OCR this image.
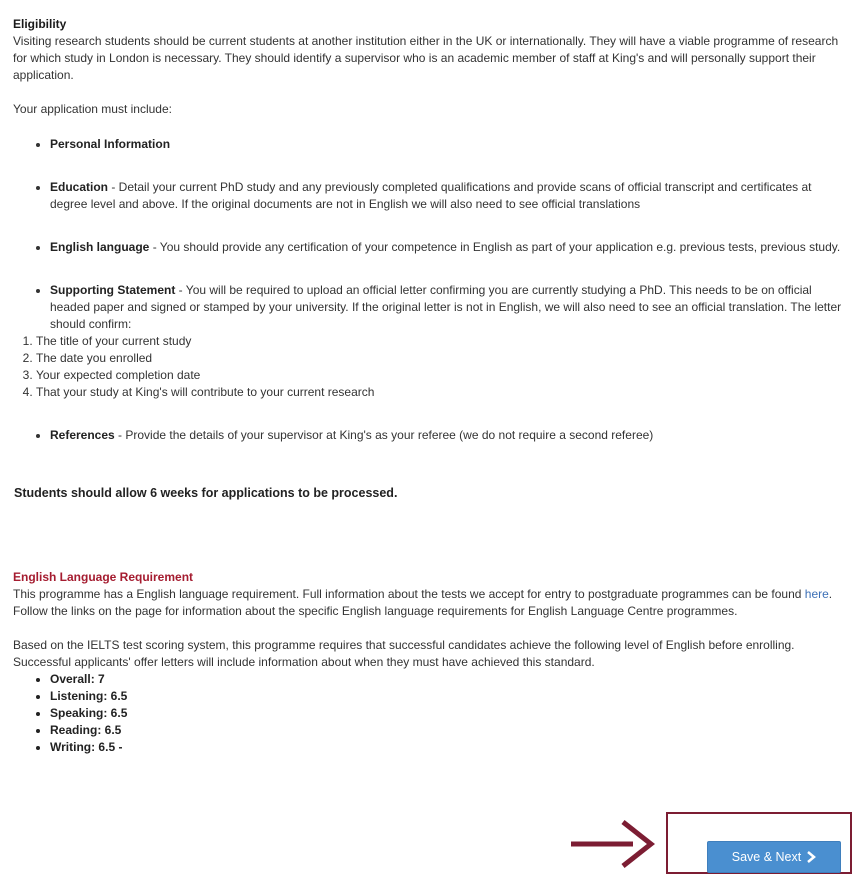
Eligibility

Visiting research students should be current students at another institution either in the UK or internationally. They will have a viable programme of research for which study in London is necessary. They should identify a supervisor who is an academic member of staff at King's and will personally support their application.

Your application must include:

• Personal Information
• Education - Detail your current PhD study and any previously completed qualifications and provide scans of official transcript and certificates at degree level and above. If the original documents are not in English we will also need to see official translations
• English language - You should provide any certification of your competence in English as part of your application e.g. previous tests, previous study.
• Supporting Statement - You will be required to upload an official letter confirming you are currently studying a PhD. This needs to be on official headed paper and signed or stamped by your university. If the original letter is not in English, we will also need to see an official translation. The letter should confirm:
1. The title of your current study
2. The date you enrolled
3. Your expected completion date
4. That your study at King's will contribute to your current research
• References - Provide the details of your supervisor at King's as your referee (we do not require a second referee)
Students should allow 6 weeks for applications to be processed.
English Language Requirement

This programme has a English language requirement. Full information about the tests we accept for entry to postgraduate programmes can be found here. Follow the links on the page for information about the specific English language requirements for English Language Centre programmes.

Based on the IELTS test scoring system, this programme requires that successful candidates achieve the following level of English before enrolling. Successful applicants' offer letters will include information about when they must have achieved this standard.

• Overall: 7
• Listening: 6.5
• Speaking: 6.5
• Reading: 6.5
• Writing: 6.5 -
Save & Next
